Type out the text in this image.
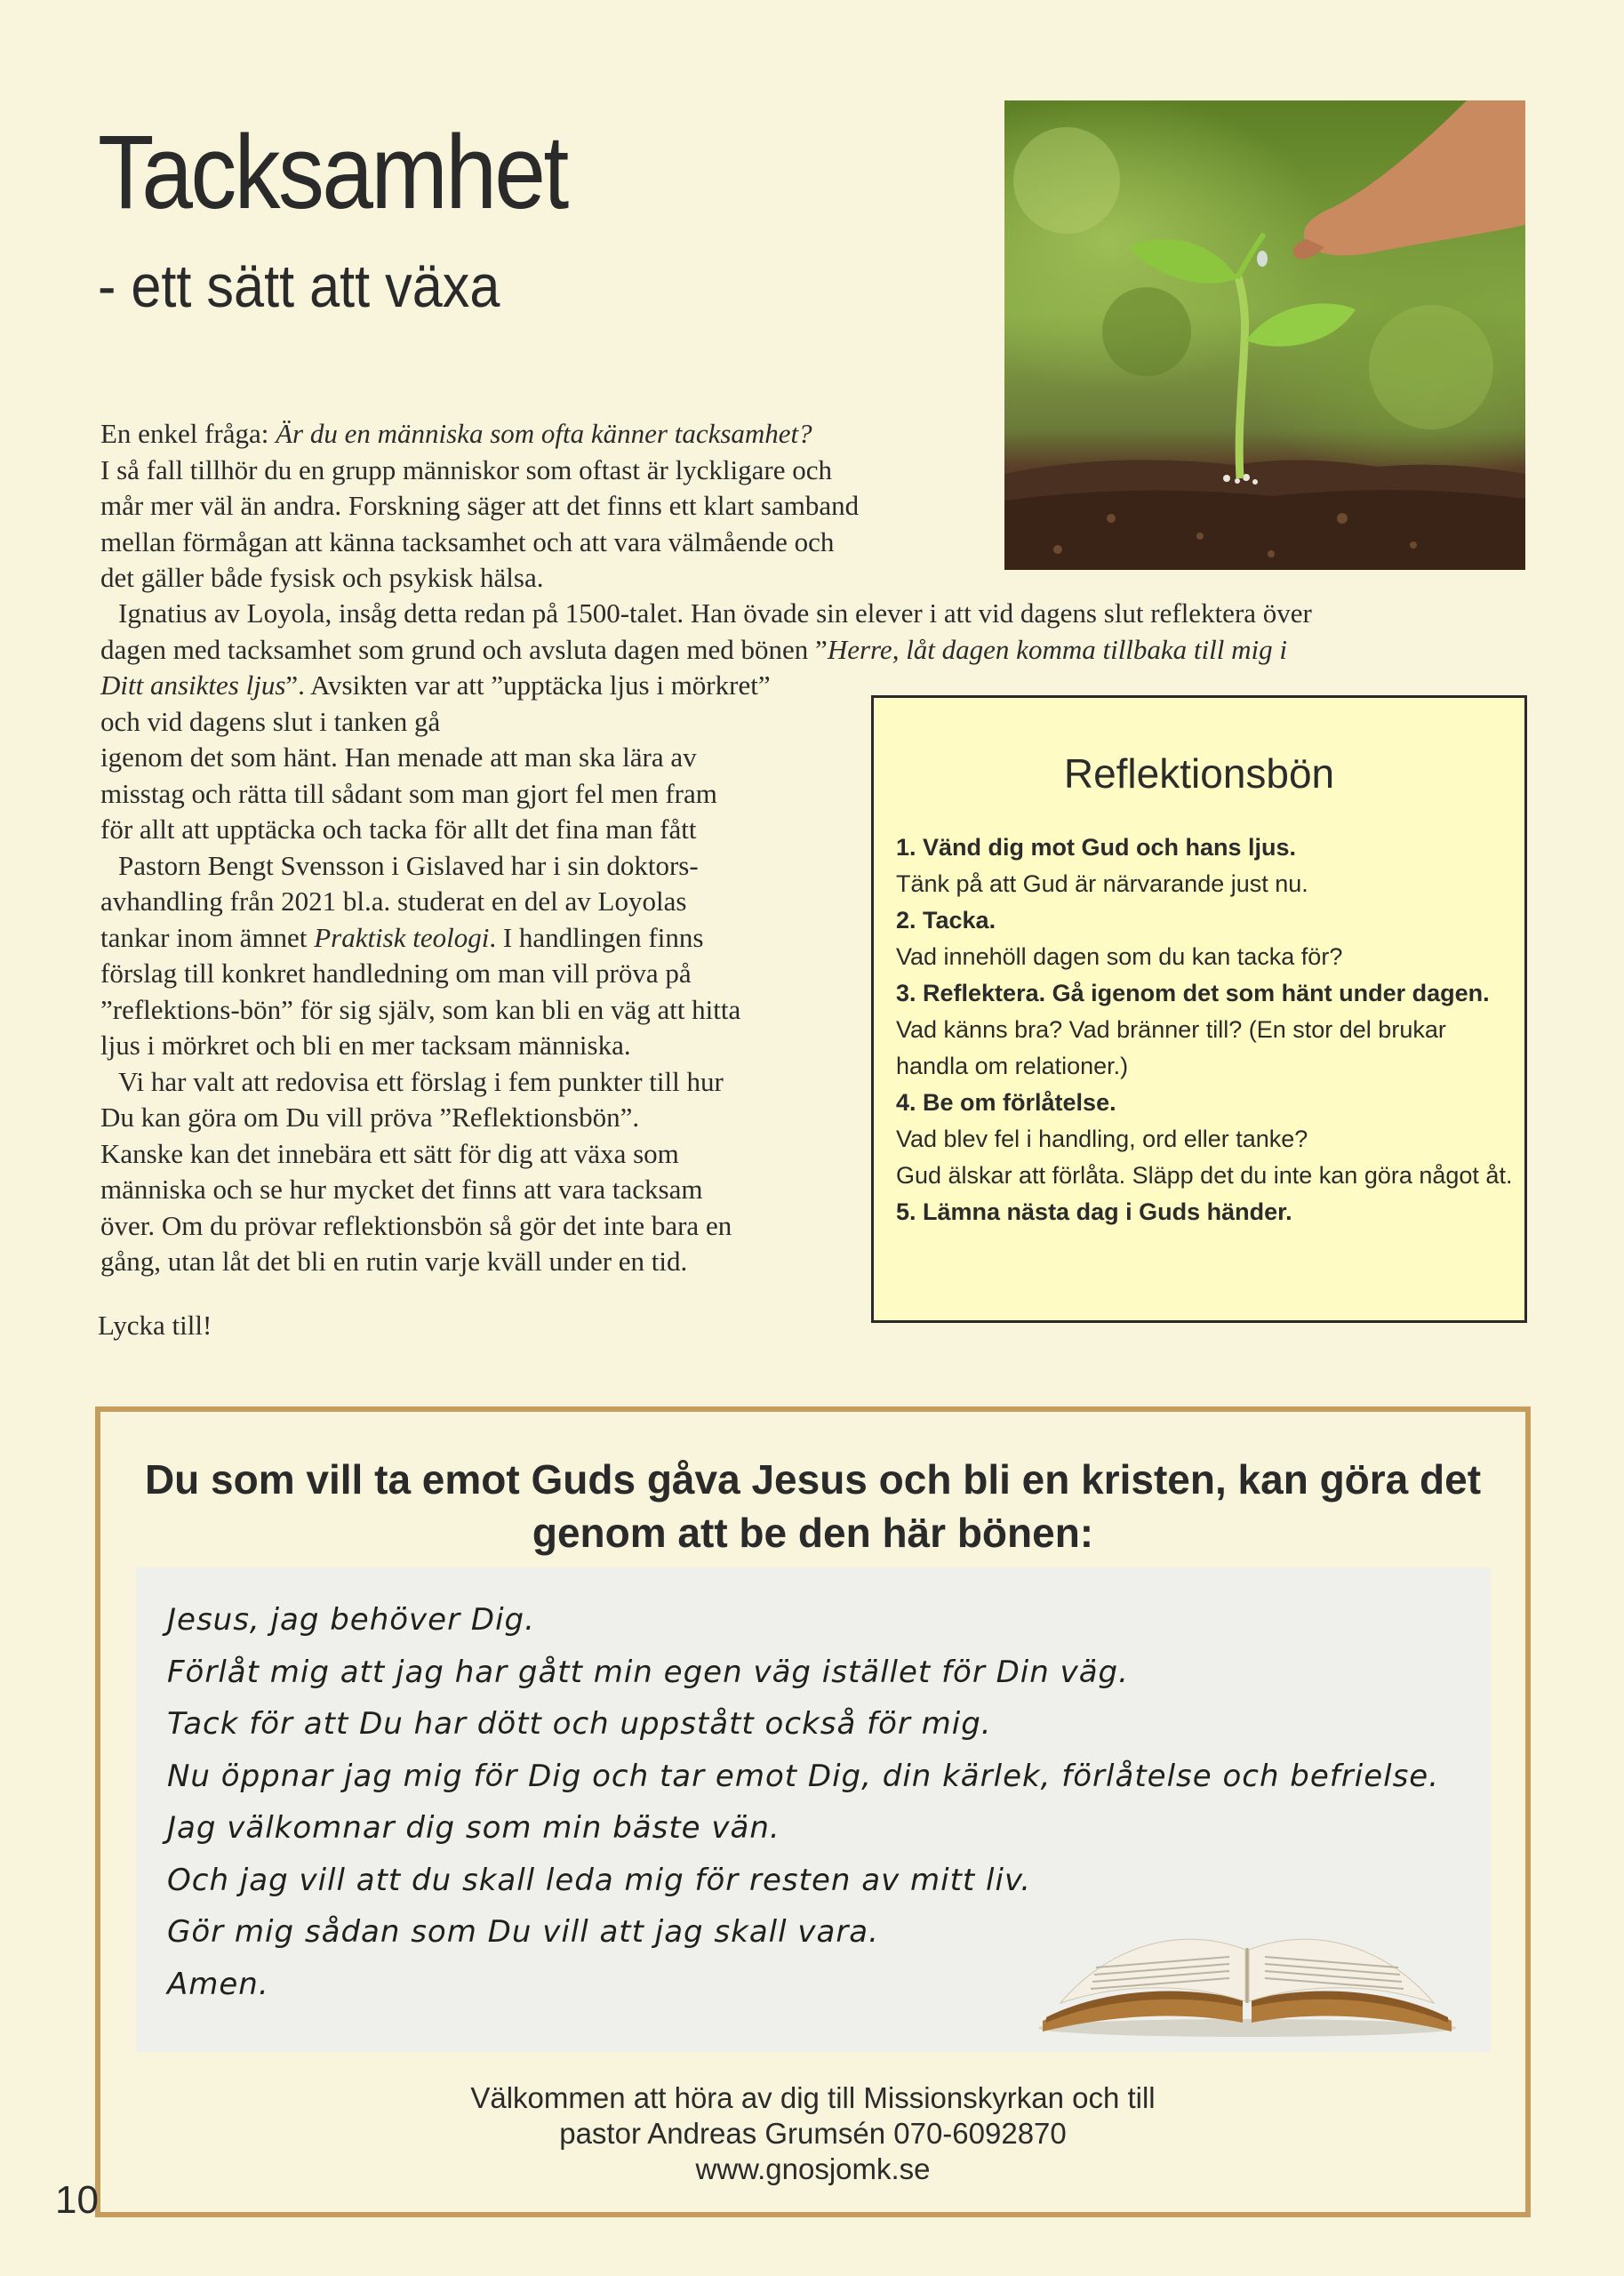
Tacksamhet
- ett sätt att växa

En enkel fråga: Är du en människa som ofta känner tacksamhet?

I så fall tillhör du en grupp människor som oftast är lyckligare och

mår mer väl än andra. Forskning säger att det finns ett klart samband

mellan förmågan att känna tacksamhet och att vara välmående och

det gäller både fysisk och psykisk hälsa.

Ignatius av Loyola, insåg detta redan på 1500-talet. Han övade sin elever i att vid dagens slut reflektera över

dagen med tacksamhet som grund och avsluta dagen med bönen ”Herre, låt dagen komma tillbaka till mig i

Ditt ansiktes ljus”. Avsikten var att ”upptäcka ljus i mörkret”

och vid dagens slut i tanken gå

igenom det som hänt. Han menade att man ska lära av

misstag och rätta till sådant som man gjort fel men fram

för allt att upptäcka och tacka för allt det fina man fått

Pastorn Bengt Svensson i Gislaved har i sin doktors-

avhandling från 2021 bl.a. studerat en del av Loyolas

tankar inom ämnet Praktisk teologi. I handlingen finns

förslag till konkret handledning om man vill pröva på

”reflektions-bön” för sig själv, som kan bli en väg att hitta

ljus i mörkret och bli en mer tacksam människa.

Vi har valt att redovisa ett förslag i fem punkter till hur

Du kan göra om Du vill pröva ”Reflektionsbön”.

Kanske kan det innebära ett sätt för dig att växa som

människa och se hur mycket det finns att vara tacksam

över. Om du prövar reflektionsbön så gör det inte bara en

gång, utan låt det bli en rutin varje kväll under en tid.

Lycka till!
Reflektionsbön
1. Vänd dig mot Gud och hans ljus.
Tänk på att Gud är närvarande just nu.
2. Tacka.
Vad innehöll dagen som du kan tacka för?
3. Reflektera. Gå igenom det som hänt under dagen.
Vad känns bra? Vad bränner till? (En stor del brukar
handla om relationer.)
4. Be om förlåtelse.
Vad blev fel i handling, ord eller tanke?
Gud älskar att förlåta. Släpp det du inte kan göra något åt.
5. Lämna nästa dag i Guds händer.
Du som vill ta emot Guds gåva Jesus och bli en kristen, kan göra det
genom att be den här bönen:
Jesus, jag behöver Dig.
Förlåt mig att jag har gått min egen väg istället för Din väg.
Tack för att Du har dött och uppstått också för mig.
Nu öppnar jag mig för Dig och tar emot Dig, din kärlek, förlåtelse och befrielse.
Jag välkomnar dig som min bäste vän.
Och jag vill att du skall leda mig för resten av mitt liv.
Gör mig sådan som Du vill att jag skall vara.
Amen.
Välkommen att höra av dig till Missionskyrkan och till
pastor Andreas Grumsén 070-6092870
www.gnosjomk.se
10
